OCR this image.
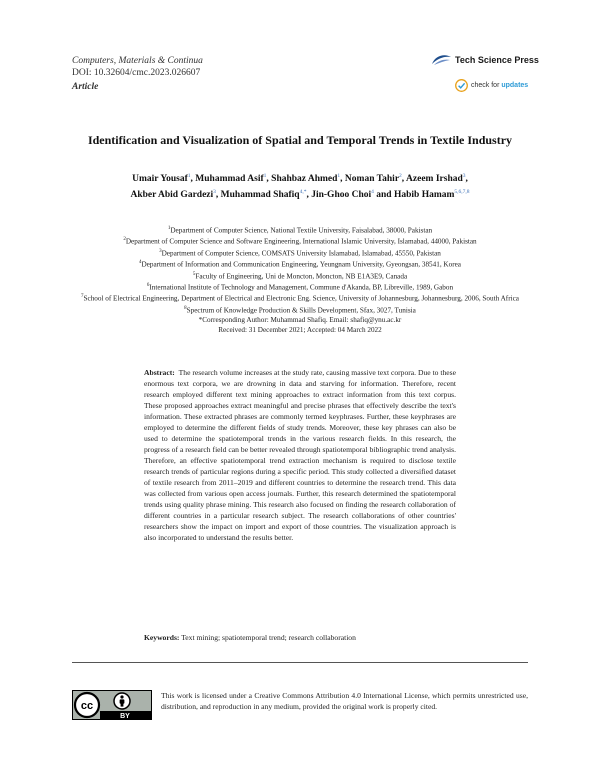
Computers, Materials & Continua
DOI: 10.32604/cmc.2023.026607
Article
Tech Science Press
check for updates
Identification and Visualization of Spatial and Temporal Trends in Textile Industry
Umair Yousaf$^1$, Muhammad Asif$^1$, Shahbaz Ahmed$^1$, Noman Tahir$^2$, Azeem Irshad$^3$,
Akber Abid Gardezi$^3$, Muhammad Shafiq$^{4,*}$, Jin-Ghoo Choi$^4$ and Habib Hamam$^{5,6,7,8}$
$^1$Department of Computer Science, National Textile University, Faisalabad, 38000, Pakistan
$^2$Department of Computer Science and Software Engineering, International Islamic University, Islamabad, 44000, Pakistan
$^3$Department of Computer Science, COMSATS University Islamabad, Islamabad, 45550, Pakistan
$^4$Department of Information and Communication Engineering, Yeungnam University, Gyeongsan, 38541, Korea
$^5$Faculty of Engineering, Uni de Moncton, Moncton, NB E1A3E9, Canada
$^6$International Institute of Technology and Management, Commune d'Akanda, BP, Libreville, 1989, Gabon
$^7$School of Electrical Engineering, Department of Electrical and Electronic Eng. Science, University of Johannesburg, Johannesburg, 2006, South Africa
$^8$Spectrum of Knowledge Production & Skills Development, Sfax, 3027, Tunisia
*Corresponding Author: Muhammad Shafiq. Email: shafiq@ynu.ac.kr
Received: 31 December 2021; Accepted: 04 March 2022
Abstract: The research volume increases at the study rate, causing massive text corpora. Due to these enormous text corpora, we are drowning in data and starving for information. Therefore, recent research employed different text mining approaches to extract information from this text corpus. These proposed approaches extract meaningful and precise phrases that effectively describe the text's information. These extracted phrases are commonly termed keyphrases. Further, these keyphrases are employed to determine the different fields of study trends. Moreover, these key phrases can also be used to determine the spatiotemporal trends in the various research fields. In this research, the progress of a research field can be better revealed through spatiotemporal bibliographic trend analysis. Therefore, an effective spatiotemporal trend extraction mechanism is required to disclose textile research trends of particular regions during a specific period. This study collected a diversified dataset of textile research from 2011–2019 and different countries to determine the research trend. This data was collected from various open access journals. Further, this research determined the spatiotemporal trends using quality phrase mining. This research also focused on finding the research collaboration of different countries in a particular research subject. The research collaborations of other countries' researchers show the impact on import and export of those countries. The visualization approach is also incorporated to understand the results better.
Keywords: Text mining; spatiotemporal trend; research collaboration
cc
BY
This work is licensed under a Creative Commons Attribution 4.0 International License, which permits unrestricted use, distribution, and reproduction in any medium, provided the original work is properly cited.
